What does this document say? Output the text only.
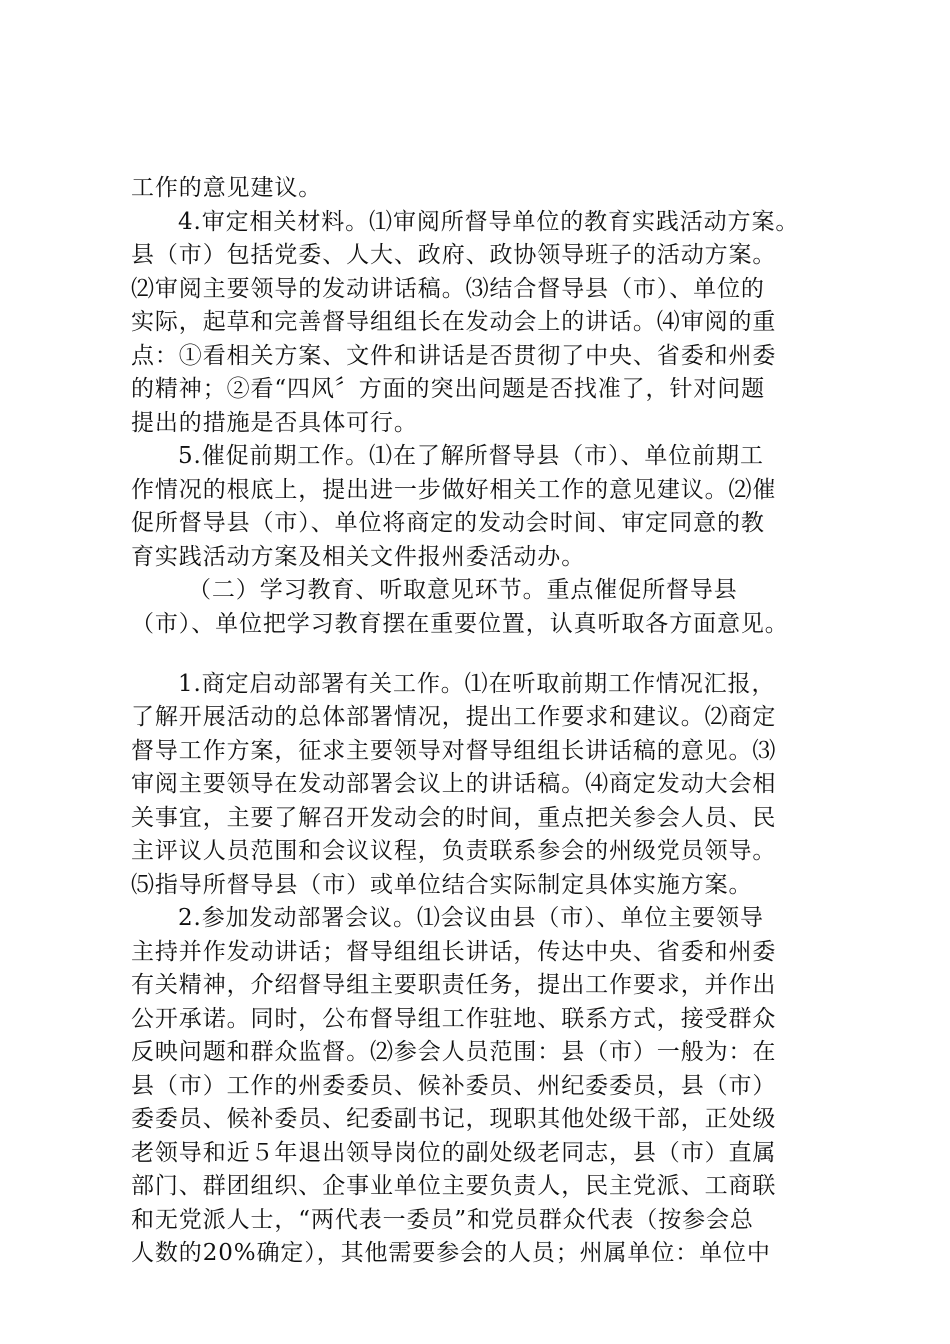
工作的意见建议。
4.审定相关材料。⑴审阅所督导单位的教育实践活动方案。
县（市）包括党委、人大、政府、政协领导班子的活动方案。
⑵审阅主要领导的发动讲话稿。⑶结合督导县（市）、单位的
实际，起草和完善督导组组长在发动会上的讲话。⑷审阅的重
点：①看相关方案、文件和讲话是否贯彻了中央、省委和州委
的精神；②看“四风〞方面的突出问题是否找准了，针对问题
提出的措施是否具体可行。
5.催促前期工作。⑴在了解所督导县（市）、单位前期工
作情况的根底上，提出进一步做好相关工作的意见建议。⑵催
促所督导县（市）、单位将商定的发动会时间、审定同意的教
育实践活动方案及相关文件报州委活动办。
（二）学习教育、听取意见环节。重点催促所督导县
（市）、单位把学习教育摆在重要位置，认真听取各方面意见。
1.商定启动部署有关工作。⑴在听取前期工作情况汇报，
了解开展活动的总体部署情况，提出工作要求和建议。⑵商定
督导工作方案，征求主要领导对督导组组长讲话稿的意见。⑶
审阅主要领导在发动部署会议上的讲话稿。⑷商定发动大会相
关事宜，主要了解召开发动会的时间，重点把关参会人员、民
主评议人员范围和会议议程，负责联系参会的州级党员领导。
⑸指导所督导县（市）或单位结合实际制定具体实施方案。
2.参加发动部署会议。⑴会议由县（市）、单位主要领导
主持并作发动讲话；督导组组长讲话，传达中央、省委和州委
有关精神，介绍督导组主要职责任务，提出工作要求，并作出
公开承诺。同时，公布督导组工作驻地、联系方式，接受群众
反映问题和群众监督。⑵参会人员范围：县（市）一般为：在
县（市）工作的州委委员、候补委员、州纪委委员，县（市）
委委员、候补委员、纪委副书记，现职其他处级干部，正处级
老领导和近５年退出领导岗位的副处级老同志，县（市）直属
部门、群团组织、企事业单位主要负责人，民主党派、工商联
和无党派人士，“两代表一委员”和党员群众代表（按参会总
人数的20%确定），其他需要参会的人员；州属单位：单位中
